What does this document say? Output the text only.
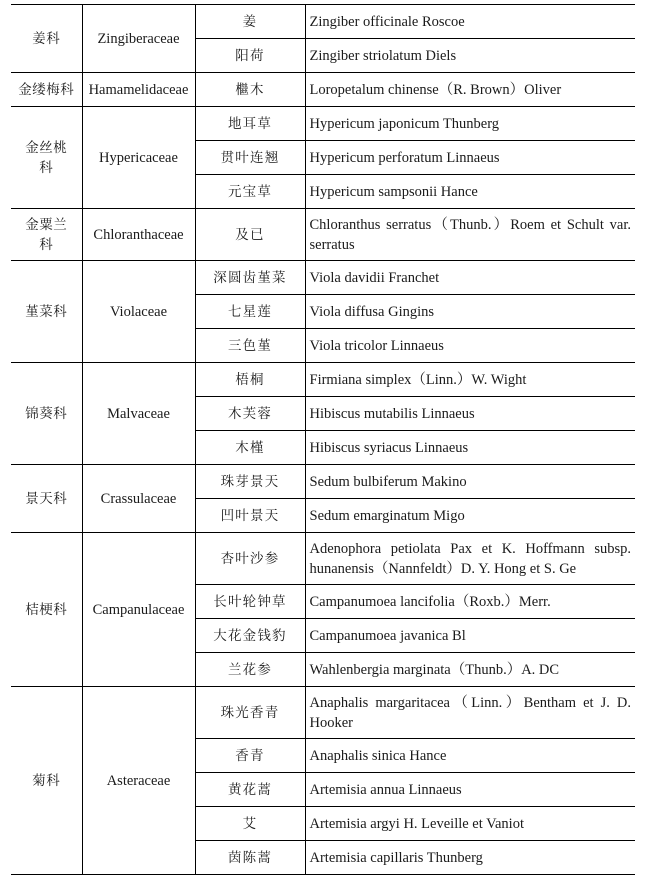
姜科	Zingiberaceae	姜	Zingiber officinale Roscoe
		阳荷	Zingiber striolatum Diels
金缕梅科	Hamamelidaceae	檵木	Loropetalum chinense（R. Brown）Oliver
金丝桃科	Hypericaceae	地耳草	Hypericum japonicum Thunberg
		贯叶连翘	Hypericum perforatum Linnaeus
		元宝草	Hypericum sampsonii Hance
金粟兰科	Chloranthaceae	及已	Chloranthus serratus（Thunb.）Roem et Schult var. serratus
堇菜科	Violaceae	深圆齿堇菜	Viola davidii Franchet
		七星莲	Viola diffusa Gingins
		三色堇	Viola tricolor Linnaeus
锦葵科	Malvaceae	梧桐	Firmiana simplex（Linn.）W. Wight
		木芙蓉	Hibiscus mutabilis Linnaeus
		木槿	Hibiscus syriacus Linnaeus
景天科	Crassulaceae	珠芽景天	Sedum bulbiferum Makino
		凹叶景天	Sedum emarginatum Migo
桔梗科	Campanulaceae	杏叶沙参	Adenophora petiolata Pax et K. Hoffmann subsp. hunanensis（Nannfeldt）D. Y. Hong et S. Ge
		长叶轮钟草	Campanumoea lancifolia（Roxb.）Merr.
		大花金钱豹	Campanumoea javanica Bl
		兰花参	Wahlenbergia marginata（Thunb.）A. DC
菊科	Asteraceae	珠光香青	Anaphalis margaritacea（Linn.）Bentham et J. D. Hooker
		香青	Anaphalis sinica Hance
		黄花蒿	Artemisia annua Linnaeus
		艾	Artemisia argyi H. Leveille et Vaniot
		茵陈蒿	Artemisia capillaris Thunberg
